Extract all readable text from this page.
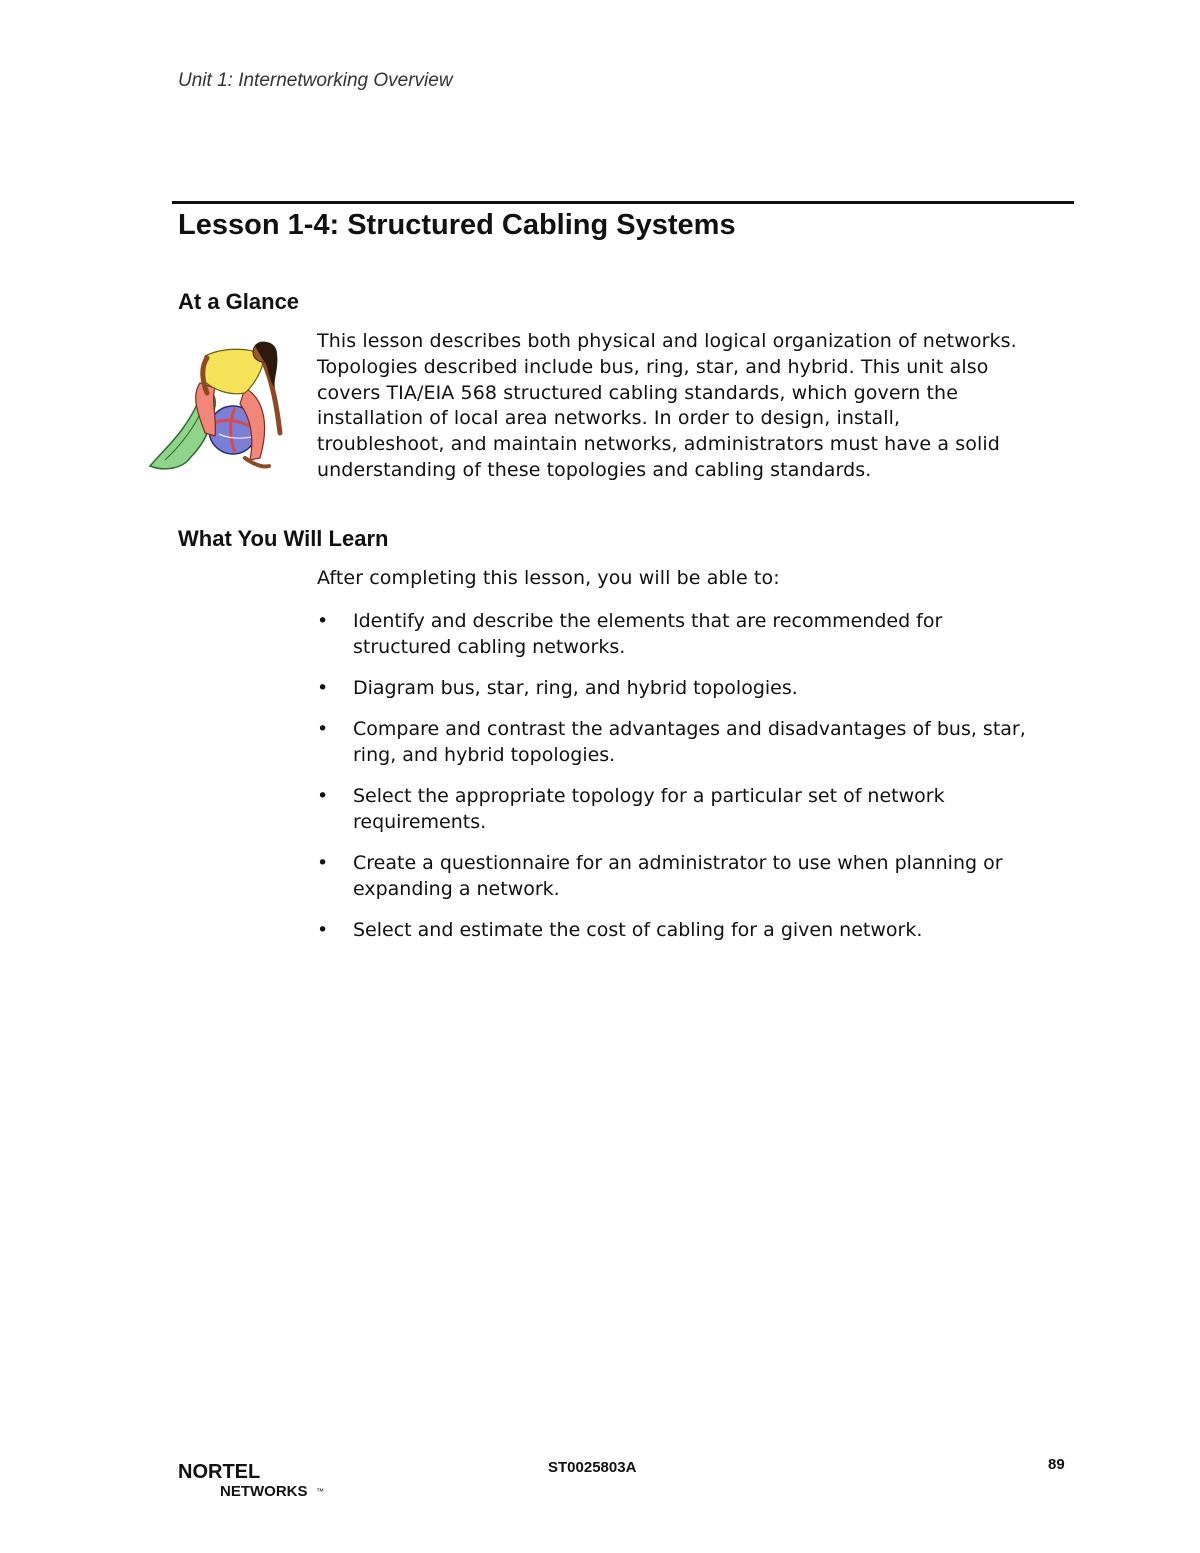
Unit 1: Internetworking Overview
Lesson 1-4: Structured Cabling Systems
At a Glance
This lesson describes both physical and logical organization of networks.
Topologies described include bus, ring, star, and hybrid. This unit also
covers TIA/EIA 568 structured cabling standards, which govern the
installation of local area networks. In order to design, install,
troubleshoot, and maintain networks, administrators must have a solid
understanding of these topologies and cabling standards.
What You Will Learn
After completing this lesson, you will be able to:
• Identify and describe the elements that are recommended for
structured cabling networks.
• Diagram bus, star, ring, and hybrid topologies.
• Compare and contrast the advantages and disadvantages of bus, star,
ring, and hybrid topologies.
• Select the appropriate topology for a particular set of network
requirements.
• Create a questionnaire for an administrator to use when planning or
expanding a network.
• Select and estimate the cost of cabling for a given network.
NORTEL
NETWORKS ™
ST0025803A	89
